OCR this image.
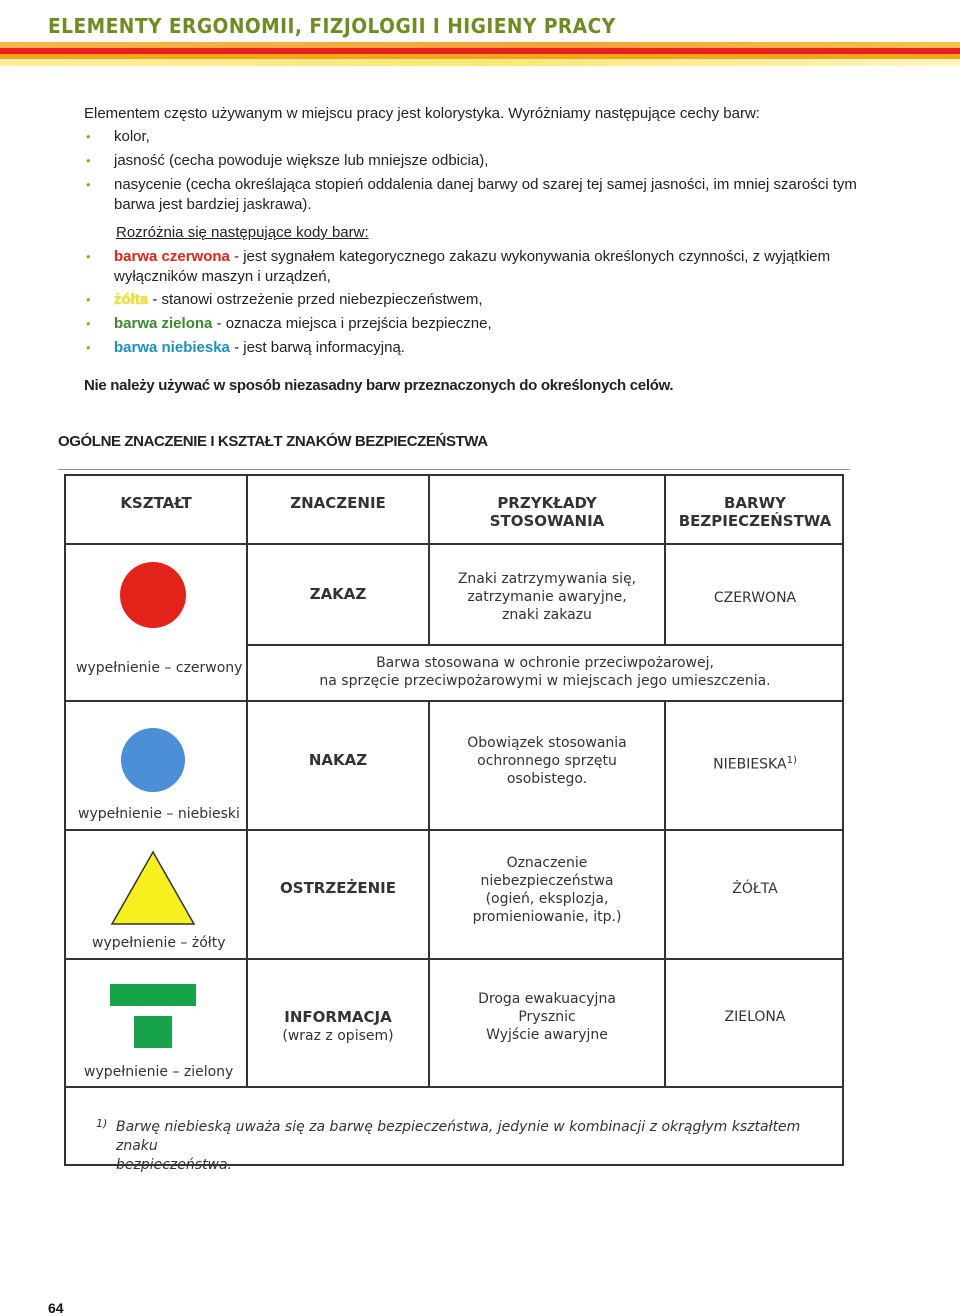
ELEMENTY ERGONOMII, FIZJOLOGII I HIGIENY PRACY
Elementem często używanym w miejscu pracy jest kolorystyka. Wyróżniamy następujące cechy barw:
• kolor,
• jasność (cecha powoduje większe lub mniejsze odbicia),
• nasycenie (cecha określająca stopień oddalenia danej barwy od szarej tej samej jasności, im mniej szarości tym
barwa jest bardziej jaskrawa).
Rozróżnia się następujące kody barw:
• barwa czerwona - jest sygnałem kategorycznego zakazu wykonywania określonych czynności, z wyjątkiem
wyłączników maszyn i urządzeń,
• żółta - stanowi ostrzeżenie przed niebezpieczeństwem,
• barwa zielona - oznacza miejsca i przejścia bezpieczne,
• barwa niebieska - jest barwą informacyjną.
Nie należy używać w sposób niezasadny barw przeznaczonych do określonych celów.
OGÓLNE ZNACZENIE I KSZTAŁT ZNAKÓW BEZPIECZEŃSTWA
KSZTAŁT	ZNACZENIE	PRZYKŁADY
STOSOWANIA
BARWY
BEZPIECZEŃSTWA
wypełnienie – czerwony
ZAKAZ
Znaki zatrzymywania się,
zatrzymanie awaryjne,
znaki zakazu
CZERWONA
Barwa stosowana w ochronie przeciwpożarowej,
na sprzęcie przeciwpożarowymi w miejscach jego umieszczenia.
wypełnienie – niebieski
NAKAZ
Obowiązek stosowania
ochronnego sprzętu
osobistego.
NIEBIESKA$^{1)}$
wypełnienie – żółty
OSTRZEŻENIE
Oznaczenie
niebezpieczeństwa
(ogień, eksplozja,
promieniowanie, itp.)
ŻÓŁTA
wypełnienie – zielony
INFORMACJA
(wraz z opisem)
Droga ewakuacyjna
Prysznic
Wyjście awaryjne
ZIELONA
1) Barwę niebieską uważa się za barwę bezpieczeństwa, jedynie w kombinacji z okrągłym kształtem znaku
bezpieczeństwa.
64
